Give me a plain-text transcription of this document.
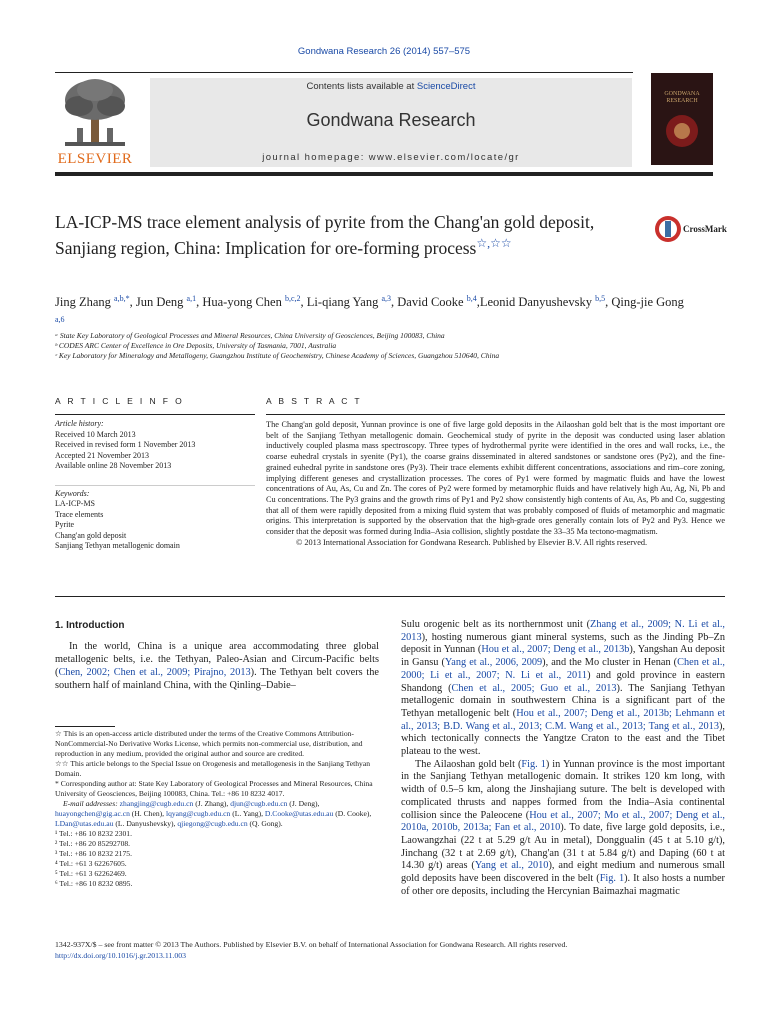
Gondwana Research 26 (2014) 557–575
ELSEVIER
Contents lists available at ScienceDirect
Gondwana Research
journal homepage: www.elsevier.com/locate/gr
GONDWANA RESEARCH
LA-ICP-MS trace element analysis of pyrite from the Chang'an gold deposit, Sanjiang region, China: Implication for ore-forming process☆,☆☆
CrossMark
Jing Zhang $^{a,b,*}$, Jun Deng $^{a,1}$, Hua-yong Chen $^{b,c,2}$, Li-qiang Yang $^{a,3}$, David Cooke $^{b,4}$,Leonid Danyushevsky $^{b,5}$, Qing-jie Gong $^{a,6}$
ᵃ State Key Laboratory of Geological Processes and Mineral Resources, China University of Geosciences, Beijing 100083, China
ᵇ CODES ARC Center of Excellence in Ore Deposits, University of Tasmania, 7001, Australia
ᶜ Key Laboratory for Mineralogy and Metallogeny, Guangzhou Institute of Geochemistry, Chinese Academy of Sciences, Guangzhou 510640, China
A R T I C L E I N F O	A B S T R A C T
Article history:
Received 10 March 2013
Received in revised form 1 November 2013
Accepted 21 November 2013
Available online 28 November 2013
Keywords:
LA-ICP-MS
Trace elements
Pyrite
Chang'an gold deposit
Sanjiang Tethyan metallogenic domain
The Chang'an gold deposit, Yunnan province is one of five large gold deposits in the Ailaoshan gold belt that is the most important ore belt of the Sanjiang Tethyan metallogenic domain. Geochemical study of pyrite in the deposit was conducted using laser ablation inductively coupled plasma mass spectroscopy. Three types of hydrothermal pyrite were identified in the ores and wall rocks, i.e., the coarse euhedral crystals in syenite (Py1), the coarse grains disseminated in altered sandstones or sandstone ores (Py2), and the fine-grained euhedral pyrite in sandstone ores (Py3). Their trace elements exhibit different concentrations, associations and rim–core zoning, implying different geneses and crystallization processes. The cores of Py1 were formed by magmatic fluids and have the lowest concentrations of Au, As, Cu and Zn. The cores of Py2 were formed by metamorphic fluids and have relatively high Au, Ag, Ni, Pb and Cu concentrations. The Py3 grains and the growth rims of Py1 and Py2 show consistently high contents of Au, As, Pb and Co, suggesting that all of them were rapidly deposited from a mixing fluid system that was probably composed of fluids of metamorphic and magmatic origins. This interpretation is supported by the observation that the high-grade ores generally contain lots of Py2 and Py3. Hence we consider that the deposit was formed during India–Asia collision, slightly postdate the 33–35 Ma tectono-magmatism.
© 2013 International Association for Gondwana Research. Published by Elsevier B.V. All rights reserved.
1. Introduction

In the world, China is a unique area accommodating three global metallogenic belts, i.e. the Tethyan, Paleo-Asian and Circum-Pacific belts (Chen, 2002; Chen et al., 2009; Pirajno, 2013). The Tethyan belt covers the southern half of mainland China, with the Qinling–Dabie–

Sulu orogenic belt as its northernmost unit (Zhang et al., 2009; N. Li et al., 2013), hosting numerous giant mineral systems, such as the Jinding Pb–Zn deposit in Yunnan (Hou et al., 2007; Deng et al., 2013b), Yangshan Au deposit in Gansu (Yang et al., 2006, 2009), and the Mo cluster in Henan (Chen et al., 2000; Li et al., 2007; N. Li et al., 2011) and gold province in eastern Shandong (Chen et al., 2005; Guo et al., 2013). The Sanjiang Tethyan metallogenic domain in southwestern China is a significant part of the Tethyan metallogenic belt (Hou et al., 2007; Deng et al., 2013b; Lehmann et al., 2013; B.D. Wang et al., 2013; C.M. Wang et al., 2013; Tang et al., 2013), which tectonically connects the Yangtze Craton to the east and the Tibet plateau to the west.

The Ailaoshan gold belt (Fig. 1) in Yunnan province is the most important in the Sanjiang Tethyan metallogenic domain. It strikes 120 km long, with width of 0.5–5 km, along the Jinshajiang suture. The belt is developed with complicated thrusts and nappes formed from the India–Asia continental collision since the Paleocene (Hou et al., 2007; Mo et al., 2007; Deng et al., 2010a, 2010b, 2013a; Fan et al., 2010). To date, five large gold deposits, i.e., Laowangzhai (22 t at 5.29 g/t Au in metal), Donggualin (45 t at 5.10 g/t), Jinchang (32 t at 2.69 g/t), Chang'an (31 t at 5.84 g/t) and Daping (60 t at 14.30 g/t) areas (Yang et al., 2010), and eight medium and numerous small gold deposits have been discovered in the belt (Fig. 1). It also hosts a number of other ore deposits, including the Hercynian Baimazhai magmatic

☆ This is an open-access article distributed under the terms of the Creative Commons Attribution-NonCommercial-No Derivative Works License, which permits non-commercial use, distribution, and reproduction in any medium, provided the original author and source are credited.

☆☆ This article belongs to the Special Issue on Orogenesis and metallogenesis in the Sanjiang Tethyan Domain.

* Corresponding author at: State Key Laboratory of Geological Processes and Mineral Resources, China University of Geosciences, Beijing 100083, China. Tel.: +86 10 8232 4017.

E-mail addresses: zhangjing@cugb.edu.cn (J. Zhang), djun@cugb.edu.cn (J. Deng), huayongchen@gig.ac.cn (H. Chen), lqyang@cugb.edu.cn (L. Yang), D.Cooke@utas.edu.au (D. Cooke), LDan@utas.edu.au (L. Danyushevsky), qjiegong@cugb.edu.cn (Q. Gong).

¹ Tel.: +86 10 8232 2301.

² Tel.: +86 20 85292708.

³ Tel.: +86 10 8232 2175.

⁴ Tel.: +61 3 62267605.

⁵ Tel.: +61 3 62262469.

⁶ Tel.: +86 10 8232 0895.

1342-937X/$ – see front matter © 2013 The Authors. Published by Elsevier B.V. on behalf of International Association for Gondwana Research. All rights reserved.
http://dx.doi.org/10.1016/j.gr.2013.11.003
